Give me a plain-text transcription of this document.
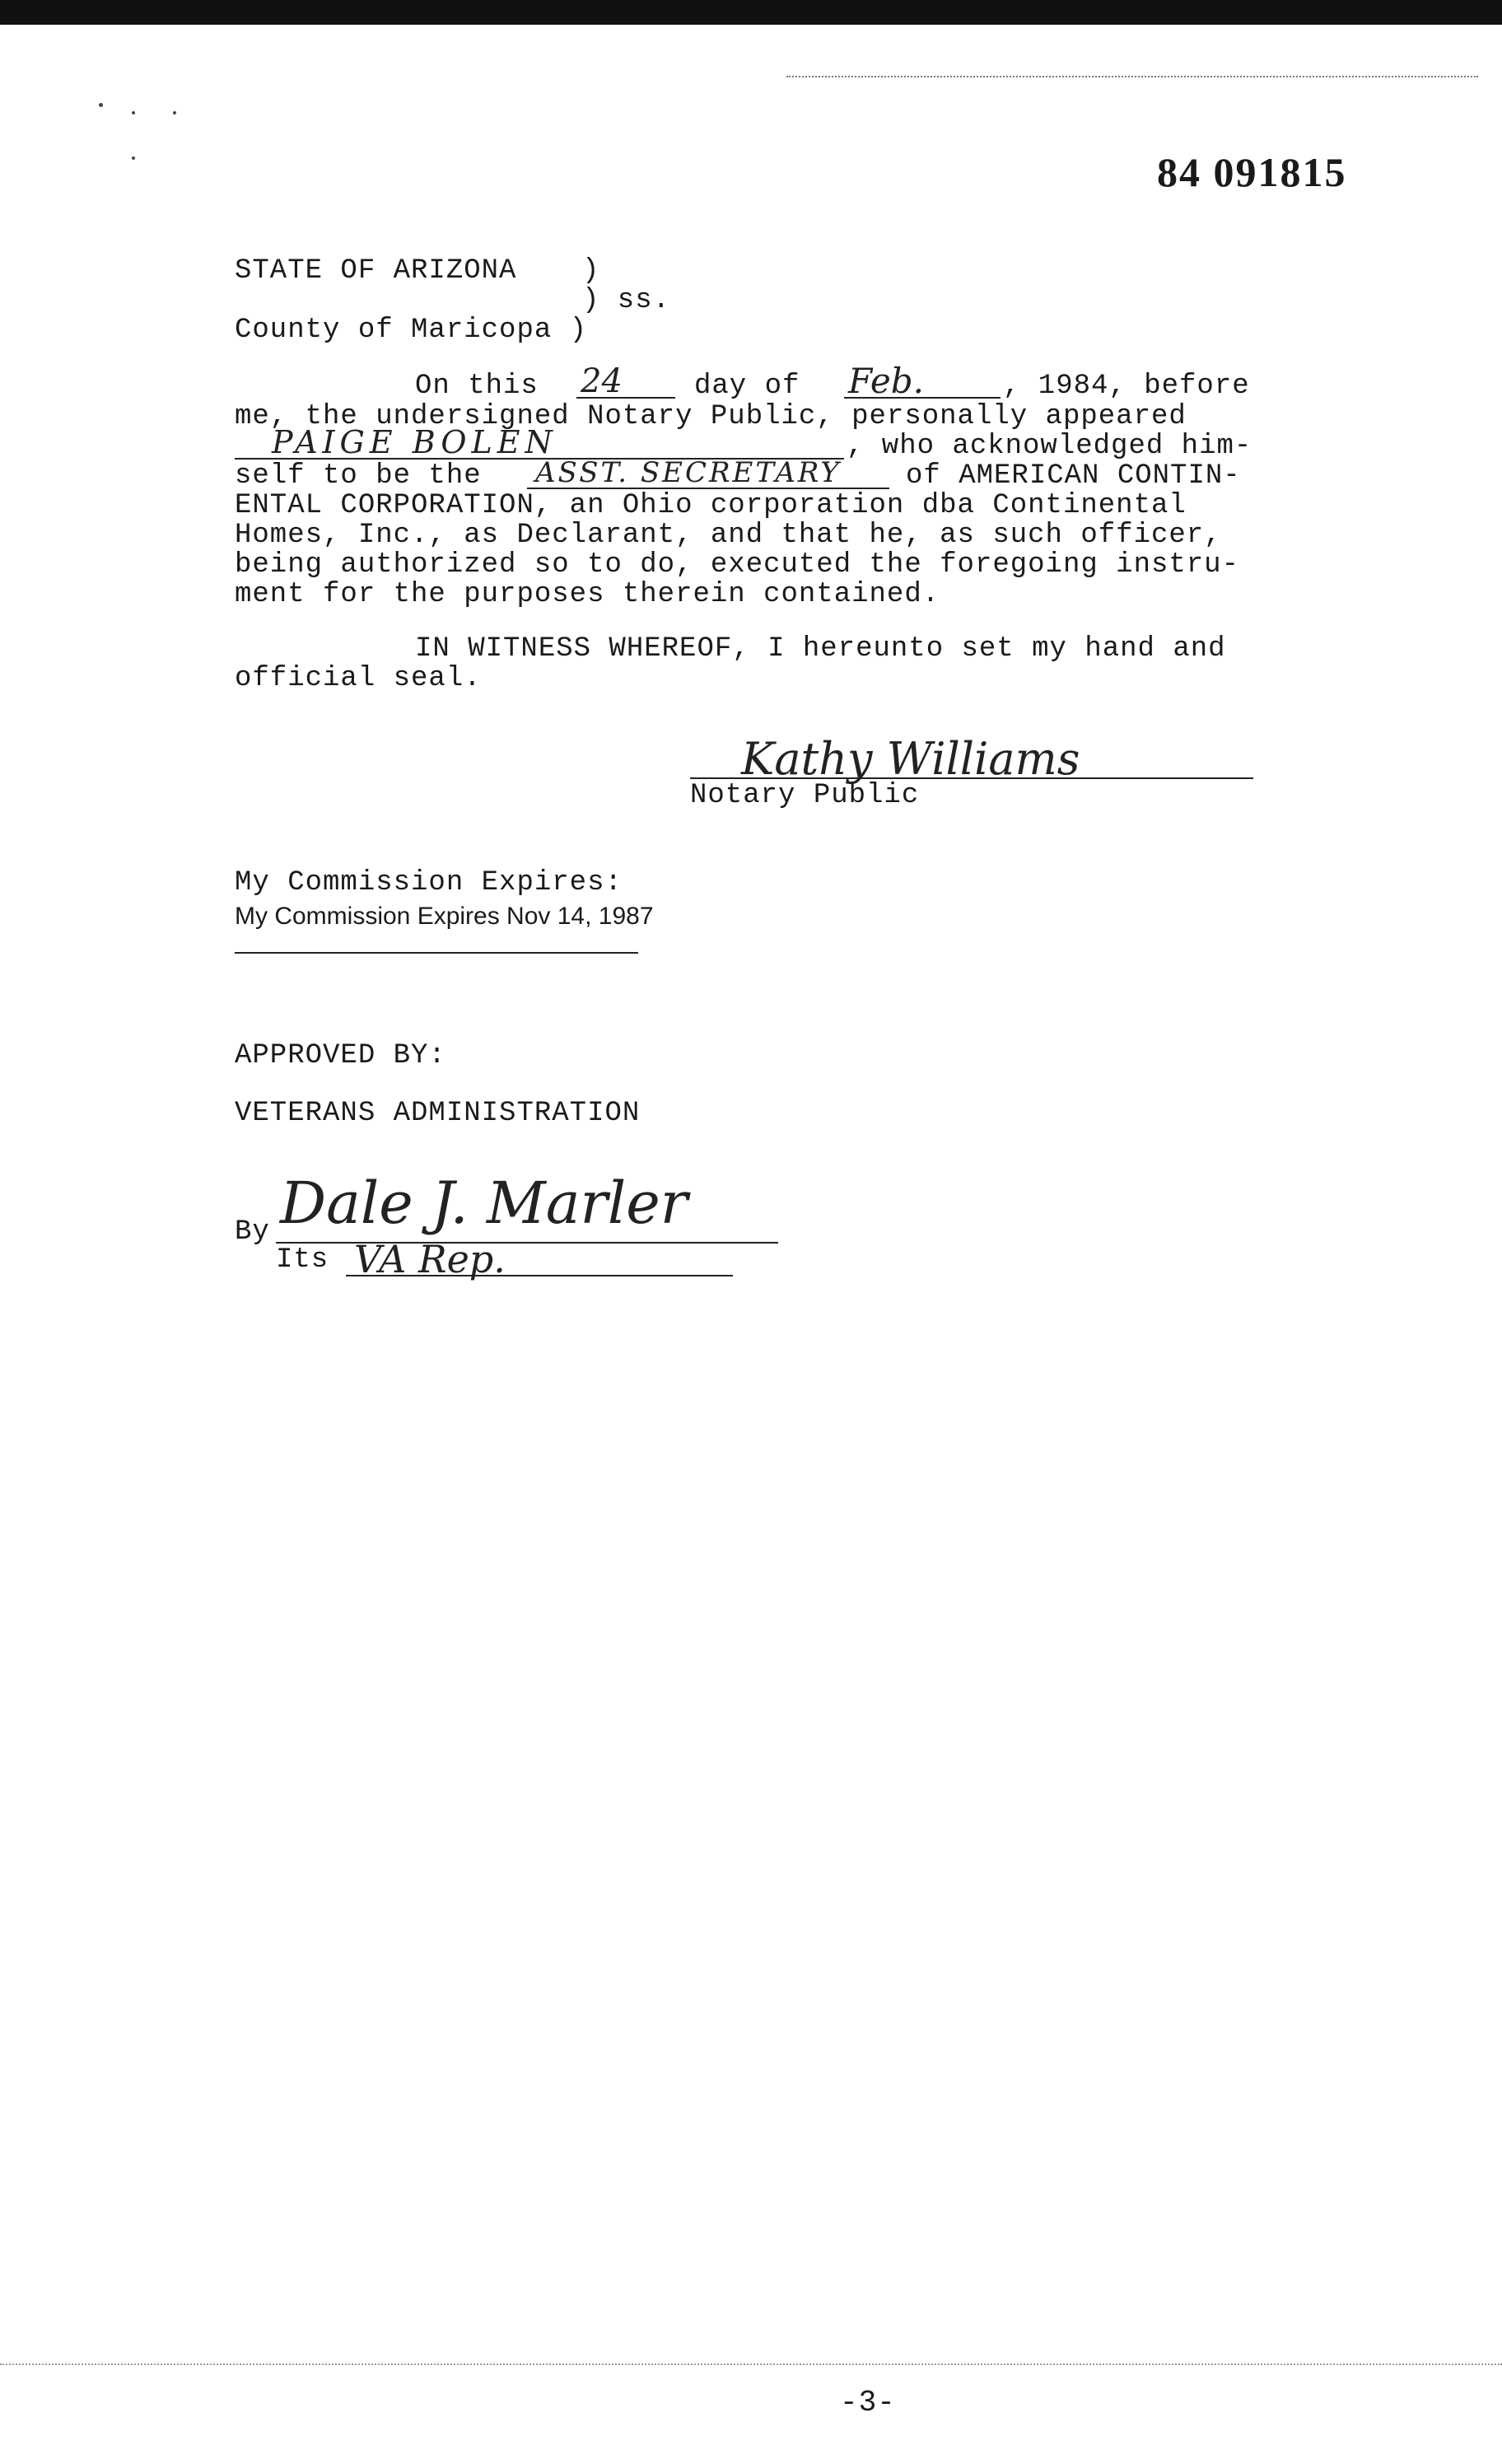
84 091815
STATE OF ARIZONA )
) ss.
County of Maricopa )
On this 24	day of Feb.	, 1984, before
me, the undersigned Notary Public, personally appeared
PAIGE BOLEN	, who acknowledged him-
self to be the ASST. SECRETARY of AMERICAN CONTIN-
ENTAL CORPORATION, an Ohio corporation dba Continental
Homes, Inc., as Declarant, and that he, as such officer,
being authorized so to do, executed the foregoing instru-
ment for the purposes therein contained.
IN WITNESS WHEREOF, I hereunto set my hand and
official seal.
Kathy Williams
Notary Public
My Commission Expires:
My Commission Expires Nov 14, 1987
APPROVED BY:
VETERANS ADMINISTRATION
By Dale J. Marler
Its VA Rep.
-3-
